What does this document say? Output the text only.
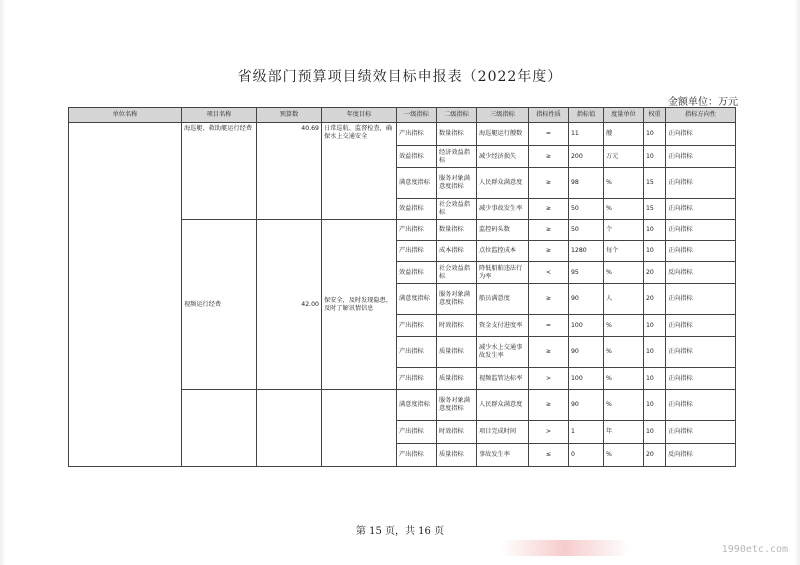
省级部门预算项目绩效目标申报表（2022年度）
金额单位：万元
单位名称	项目名称	预算数	年度目标	一级指标	二级指标	三级指标	指标性质	指标值	度量单位	权重	指标方向性
	海巡艇、救助艇运行经费	40.69	日常巡航、监督检查，确保水上交通安全	产出指标	数量指标	海巡艇运行艘数	=	11	艘	10	正向指标
				效益指标	经济效益指标	减少经济损失	≥	200	万元	10	正向指标
				满意度指标	服务对象满意度指标	人民群众满意度	≥	98	%	15	正向指标
				效益指标	社会效益指标	减少事故发生率	≥	50	%	15	正向指标
	视频运行经费	42.00	保安全，及时发现隐患，及时了解讯情信息	产出指标	数量指标	监控码头数	≥	50	个	10	正向指标
				产出指标	成本指标	点位监控成本	≥	1280	每个	10	正向指标
				效益指标	社会效益指标	降低船舶违法行为率	<	95	%	20	反向指标
				满意度指标	服务对象满意度指标	船员满意度	≥	90	人	20	正向指标
				产出指标	时效指标	资金支付进度率	=	100	%	10	正向指标
				产出指标	质量指标	减少水上交通事故发生率	≥	90	%	10	正向指标
				产出指标	质量指标	视频监管达标率	>	100	%	10	正向指标
				满意度指标	服务对象满意度指标	人民群众满意度	≥	90	%	10	正向指标
				产出指标	时效指标	项目完成时间	>	1	年	10	正向指标
				产出指标	质量指标	事故发生率	≤	0	%	20	反向指标
第 15 页，共 16 页
1990etc.com
